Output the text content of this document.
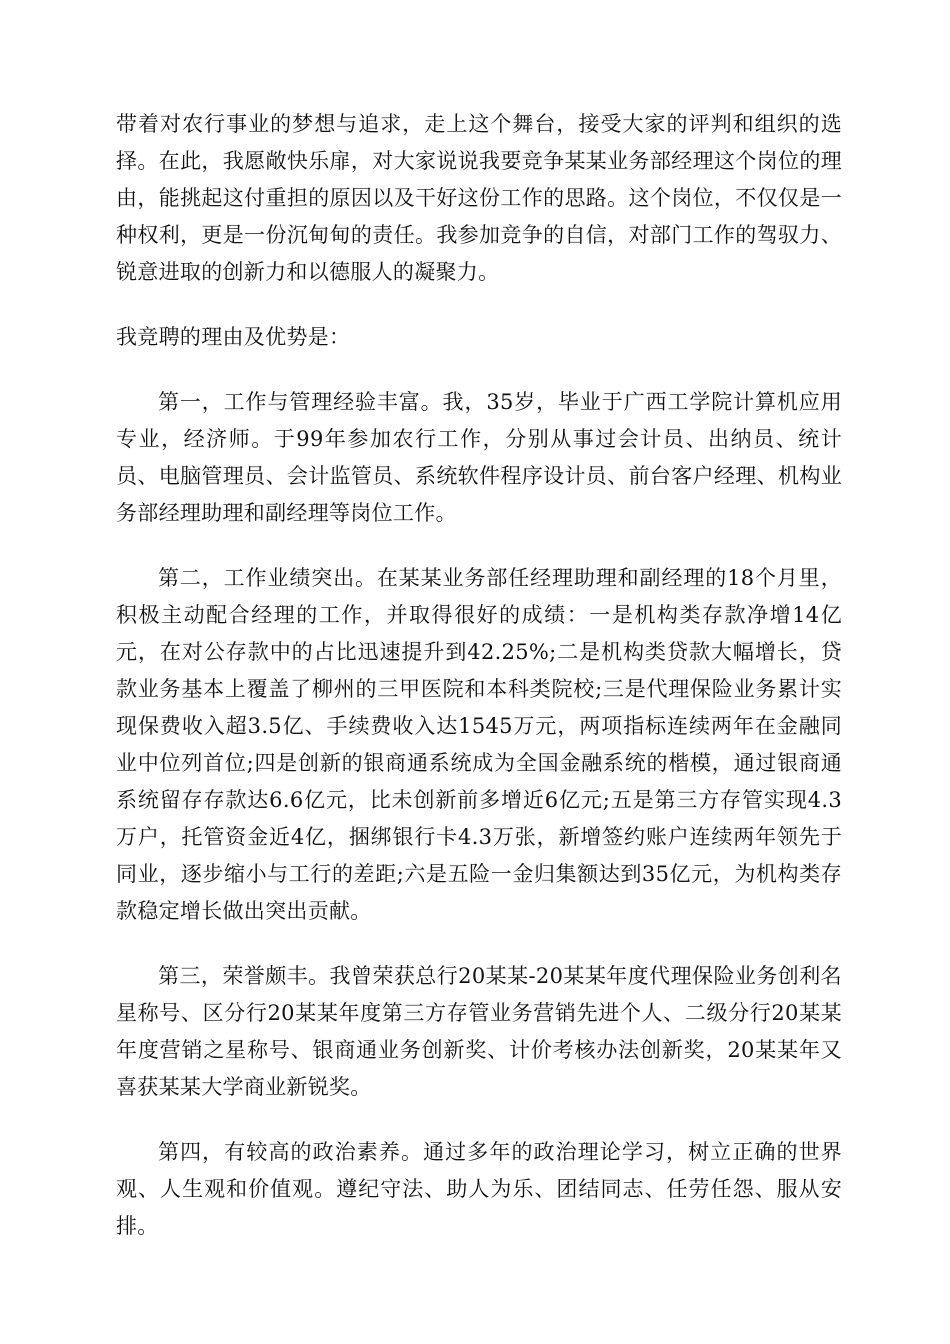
带着对农行事业的梦想与追求，走上这个舞台，接受大家的评判和组织的选择。在此，我愿敞快乐扉，对大家说说我要竞争某某业务部经理这个岗位的理由，能挑起这付重担的原因以及干好这份工作的思路。这个岗位，不仅仅是一种权利，更是一份沉甸甸的责任。我参加竞争的自信，对部门工作的驾驭力、锐意进取的创新力和以德服人的凝聚力。

我竞聘的理由及优势是：

第一，工作与管理经验丰富。我，35岁，毕业于广西工学院计算机应用专业，经济师。于99年参加农行工作，分别从事过会计员、出纳员、统计员、电脑管理员、会计监管员、系统软件程序设计员、前台客户经理、机构业务部经理助理和副经理等岗位工作。

第二，工作业绩突出。在某某业务部任经理助理和副经理的18个月里，积极主动配合经理的工作，并取得很好的成绩：一是机构类存款净增14亿元，在对公存款中的占比迅速提升到42.25%;二是机构类贷款大幅增长，贷款业务基本上覆盖了柳州的三甲医院和本科类院校;三是代理保险业务累计实现保费收入超3.5亿、手续费收入达1545万元，两项指标连续两年在金融同业中位列首位;四是创新的银商通系统成为全国金融系统的楷模，通过银商通系统留存存款达6.6亿元，比未创新前多增近6亿元;五是第三方存管实现4.3万户，托管资金近4亿，捆绑银行卡4.3万张，新增签约账户连续两年领先于同业，逐步缩小与工行的差距;六是五险一金归集额达到35亿元，为机构类存款稳定增长做出突出贡献。

第三，荣誉颇丰。我曾荣获总行20某某-20某某年度代理保险业务创利名星称号、区分行20某某年度第三方存管业务营销先进个人、二级分行20某某年度营销之星称号、银商通业务创新奖、计价考核办法创新奖，20某某年又喜获某某大学商业新锐奖。

第四，有较高的政治素养。通过多年的政治理论学习，树立正确的世界观、人生观和价值观。遵纪守法、助人为乐、团结同志、任劳任怨、服从安排。
